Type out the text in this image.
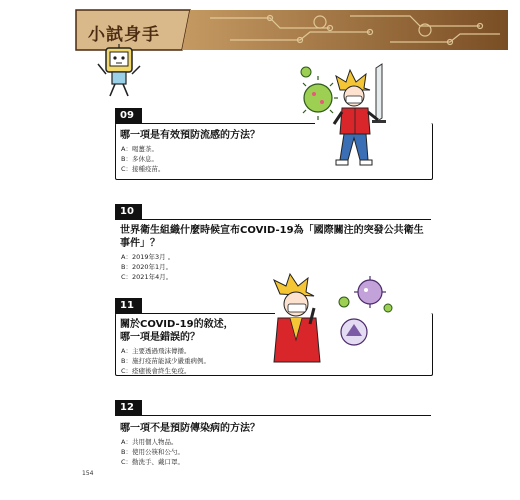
小試身手
09
哪一項是有效預防流感的方法？
A：喝薑茶。
B：多休息。
C：接種疫苗。
10
世界衛生組織什麼時候宣布COVID-19為「國際關注的突發公共衛生
事件」？
A：2019年3月 。
B：2020年1月。
C：2021年4月。
11
關於COVID-19的敘述，
哪一項是錯誤的？
A：主要透過飛沫傳播。
B：施打疫苗能減少嚴重病例。
C：痊癒後會終生免疫。
12
哪一項不是預防傳染病的方法？
A：共用個人物品。
B：使用公筷和公勺。
C：勤洗手、戴口罩。
154
